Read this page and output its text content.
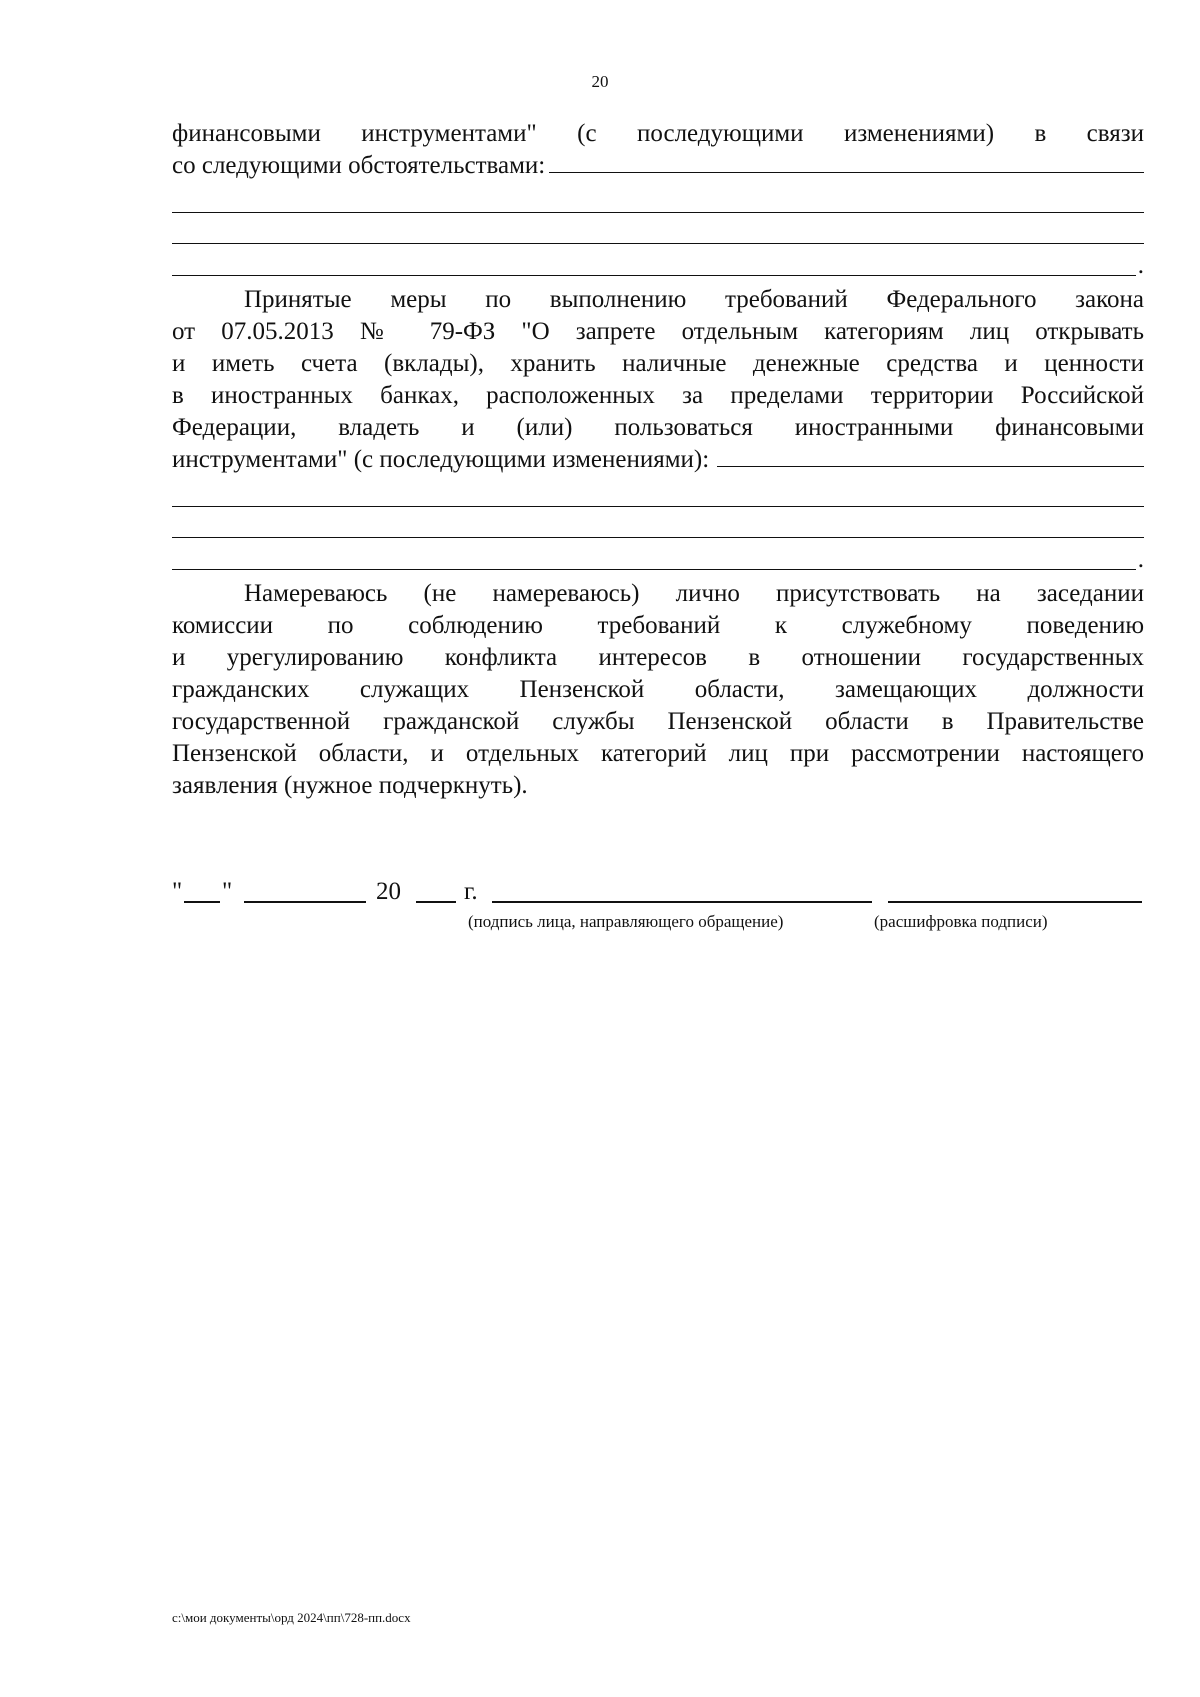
20
финансовыми инструментами" (с последующими изменениями) в связи
со следующими обстоятельствами:
.
Принятые меры по выполнению требований Федерального закона
от 07.05.2013 № 79-ФЗ "О запрете отдельным категориям лиц открывать
и иметь счета (вклады), хранить наличные денежные средства и ценности
в иностранных банках, расположенных за пределами территории Российской
Федерации, владеть и (или) пользоваться иностранными финансовыми
инструментами" (с последующими изменениями):
.
Намереваюсь (не намереваюсь) лично присутствовать на заседании
комиссии по соблюдению требований к служебному поведению
и урегулированию конфликта интересов в отношении государственных
гражданских служащих Пензенской области, замещающих должности
государственной гражданской службы Пензенской области в Правительстве
Пензенской области, и отдельных категорий лиц при рассмотрении настоящего
заявления (нужное подчеркнуть).
" "	20	г.
(подпись лица, направляющего обращение)	(расшифровка подписи)
c:\мои документы\орд 2024\пп\728-пп.docx
